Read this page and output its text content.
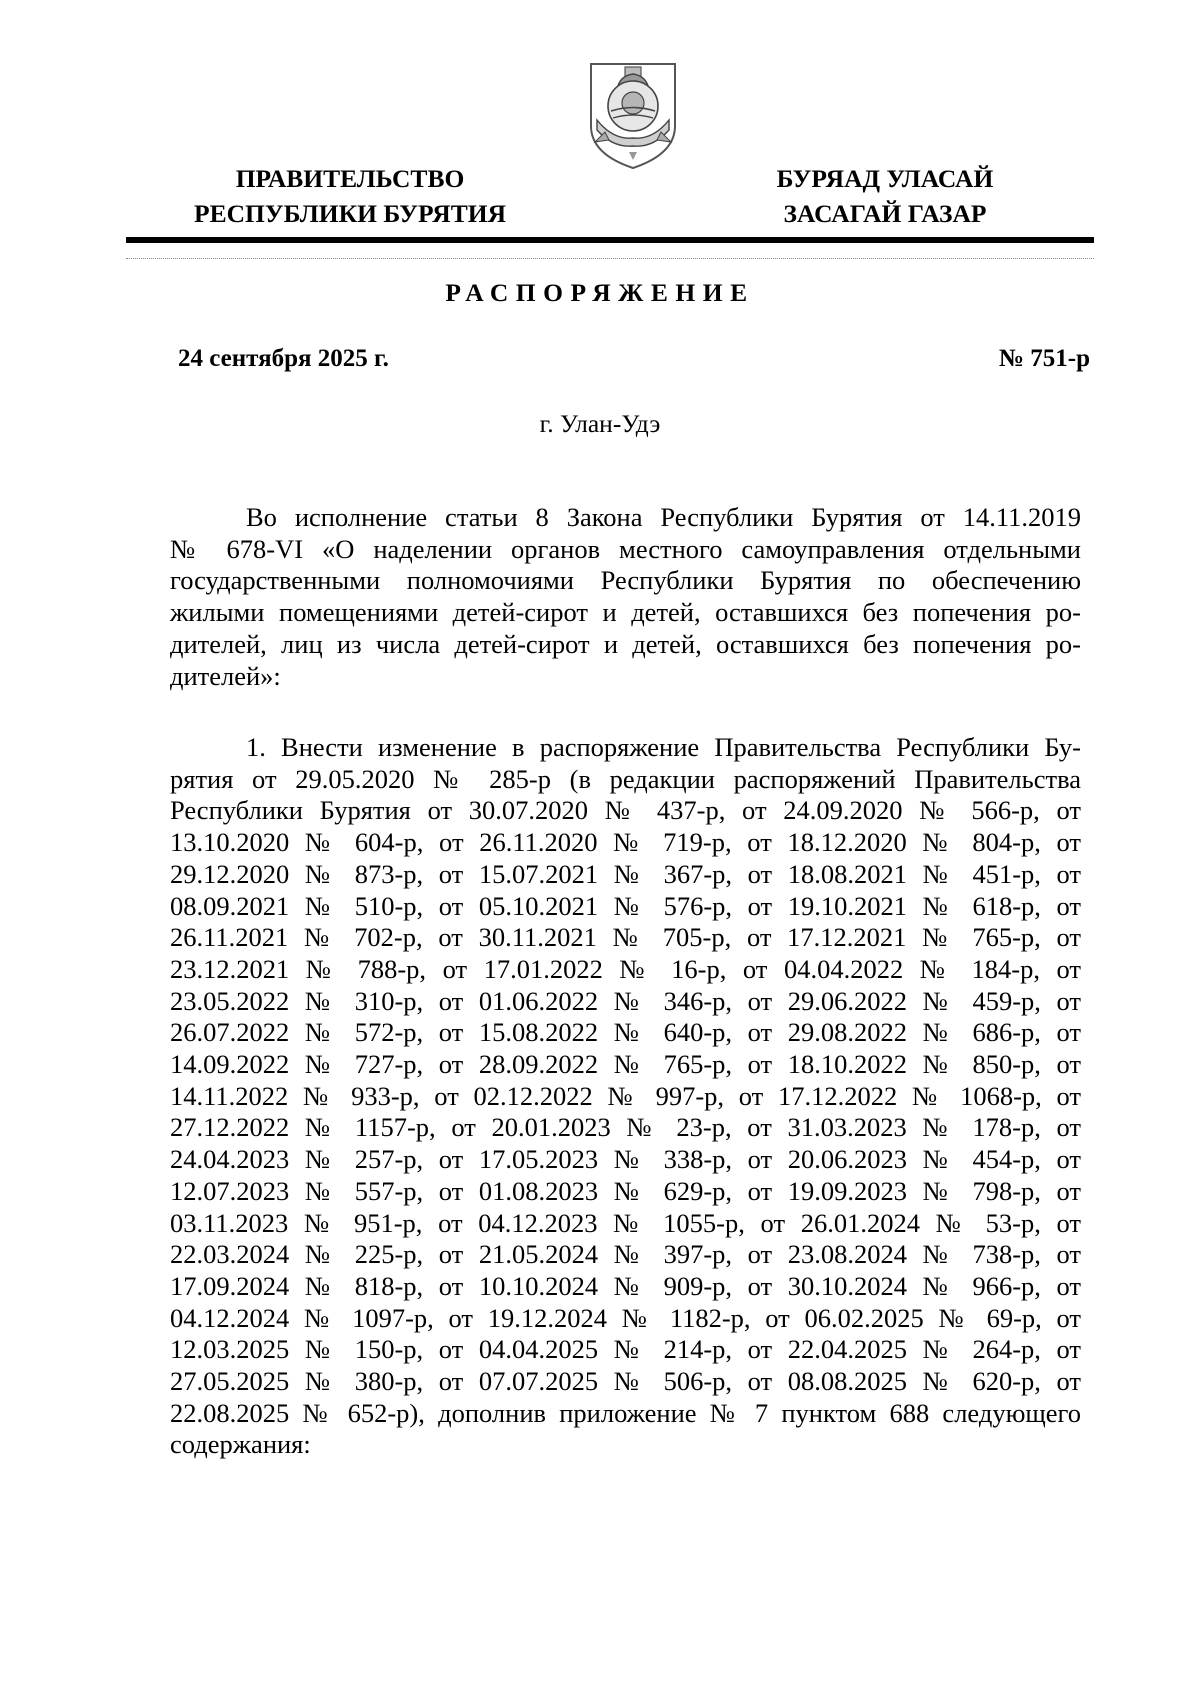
ПРАВИТЕЛЬСТВО
РЕСПУБЛИКИ БУРЯТИЯ
БУРЯАД УЛАСАЙ
ЗАСАГАЙ ГАЗАР
РАСПОРЯЖЕНИЕ
24 сентября 2025 г.	№ 751-р
г. Улан-Удэ
Во исполнение статьи 8 Закона Республики Бурятия от 14.11.2019
№ 678-VI «О наделении органов местного самоуправления отдельными
государственными полномочиями Республики Бурятия по обеспечению
жилыми помещениями детей-сирот и детей, оставшихся без попечения ро-
дителей, лиц из числа детей-сирот и детей, оставшихся без попечения ро-
дителей»:
1. Внести изменение в распоряжение Правительства Республики Бу-
рятия от 29.05.2020 № 285-р (в редакции распоряжений Правительства
Республики Бурятия от 30.07.2020 № 437-р, от 24.09.2020 № 566-р, от
13.10.2020 № 604-р, от 26.11.2020 № 719-р, от 18.12.2020 № 804-р, от
29.12.2020 № 873-р, от 15.07.2021 № 367-р, от 18.08.2021 № 451-р, от
08.09.2021 № 510-р, от 05.10.2021 № 576-р, от 19.10.2021 № 618-р, от
26.11.2021 № 702-р, от 30.11.2021 № 705-р, от 17.12.2021 № 765-р, от
23.12.2021 № 788-р, от 17.01.2022 № 16-р, от 04.04.2022 № 184-р, от
23.05.2022 № 310-р, от 01.06.2022 № 346-р, от 29.06.2022 № 459-р, от
26.07.2022 № 572-р, от 15.08.2022 № 640-р, от 29.08.2022 № 686-р, от
14.09.2022 № 727-р, от 28.09.2022 № 765-р, от 18.10.2022 № 850-р, от
14.11.2022 № 933-р, от 02.12.2022 № 997-р, от 17.12.2022 № 1068-р, от
27.12.2022 № 1157-р, от 20.01.2023 № 23-р, от 31.03.2023 № 178-р, от
24.04.2023 № 257-р, от 17.05.2023 № 338-р, от 20.06.2023 № 454-р, от
12.07.2023 № 557-р, от 01.08.2023 № 629-р, от 19.09.2023 № 798-р, от
03.11.2023 № 951-р, от 04.12.2023 № 1055-р, от 26.01.2024 № 53-р, от
22.03.2024 № 225-р, от 21.05.2024 № 397-р, от 23.08.2024 № 738-р, от
17.09.2024 № 818-р, от 10.10.2024 № 909-р, от 30.10.2024 № 966-р, от
04.12.2024 № 1097-р, от 19.12.2024 № 1182-р, от 06.02.2025 № 69-р, от
12.03.2025 № 150-р, от 04.04.2025 № 214-р, от 22.04.2025 № 264-р, от
27.05.2025 № 380-р, от 07.07.2025 № 506-р, от 08.08.2025 № 620-р, от
22.08.2025 № 652-р), дополнив приложение № 7 пунктом 688 следующего
содержания:
